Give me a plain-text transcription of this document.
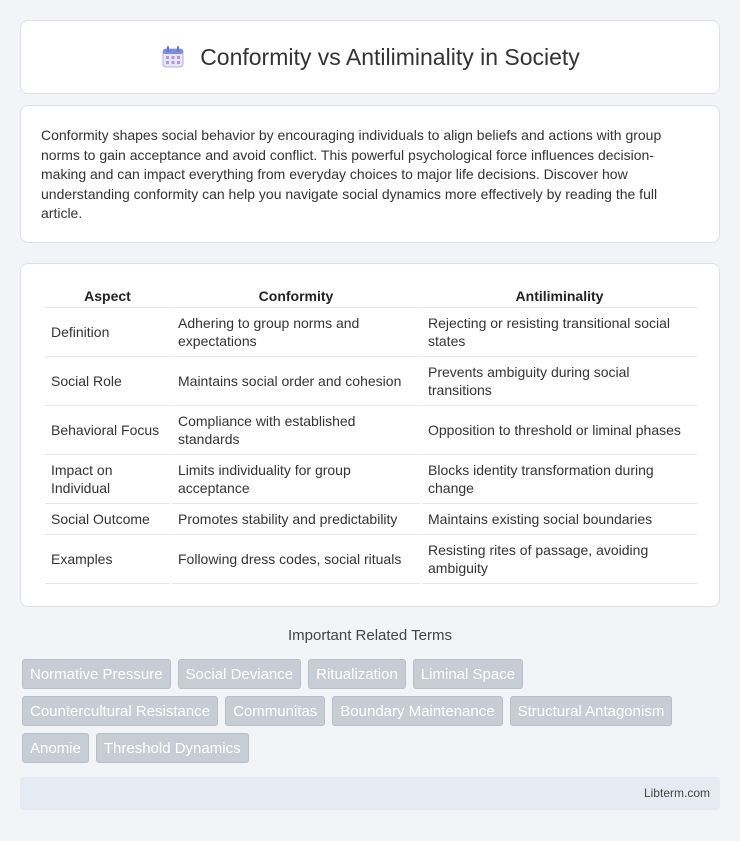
Conformity vs Antiliminality in Society

Conformity shapes social behavior by encouraging individuals to align beliefs and actions with group norms to gain acceptance and avoid conflict. This powerful psychological force influences decision-making and can impact everything from everyday choices to major life decisions. Discover how understanding conformity can help you navigate social dynamics more effectively by reading the full article.

Aspect	Conformity	Antiliminality
Definition	Adhering to group norms and expectations	Rejecting or resisting transitional social states
Social Role	Maintains social order and cohesion	Prevents ambiguity during social transitions
Behavioral Focus	Compliance with established standards	Opposition to threshold or liminal phases
Impact on Individual	Limits individuality for group acceptance	Blocks identity transformation during change
Social Outcome	Promotes stability and predictability	Maintains existing social boundaries
Examples	Following dress codes, social rituals	Resisting rites of passage, avoiding ambiguity
Important Related Terms
Normative Pressure	Social Deviance	Ritualization	Liminal Space
Countercultural Resistance	Communitas	Boundary Maintenance	Structural Antagonism
Anomie	Threshold Dynamics
Libterm.com
